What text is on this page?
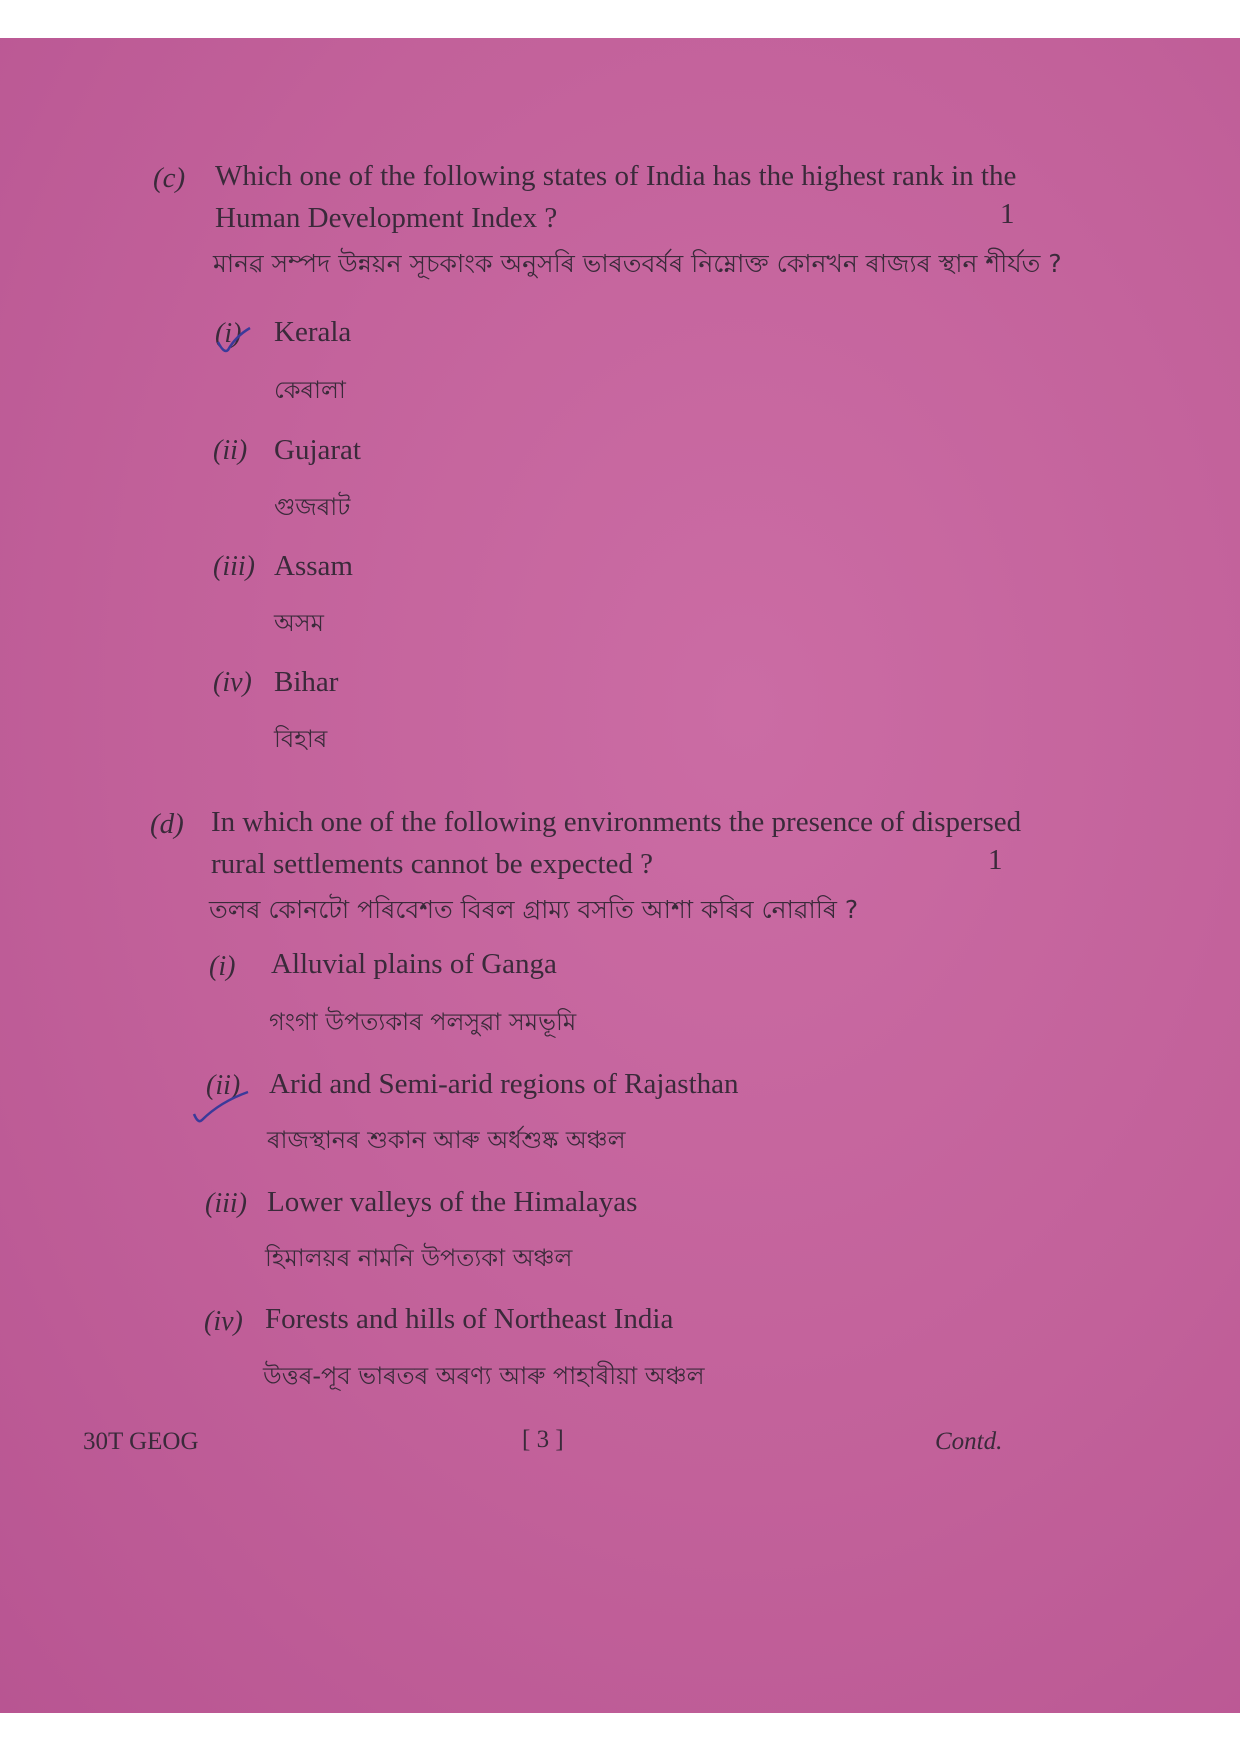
(c) Which one of the following states of India has the highest rank in the
Human Development Index ?	1
মানৱ সম্পদ উন্নয়ন সূচকাংক অনুসৰি ভাৰতবৰ্ষৰ নিম্নোক্ত কোনখন ৰাজ্যৰ স্থান শীৰ্যত ?
(i) Kerala
কেৰালা
(ii) Gujarat
গুজৰাট
(iii) Assam
অসম
(iv) Bihar
বিহাৰ
(d) In which one of the following environments the presence of dispersed
rural settlements cannot be expected ?	1
তলৰ কোনটো পৰিবেশত বিৰল গ্ৰাম্য বসতি আশা কৰিব নোৱাৰি ?
(i) Alluvial plains of Ganga
গংগা উপত্যকাৰ পলসুৱা সমভূমি
(ii) Arid and Semi-arid regions of Rajasthan
ৰাজস্থানৰ শুকান আৰু অৰ্ধশুষ্ক অঞ্চল
(iii) Lower valleys of the Himalayas
হিমালয়ৰ নামনি উপত্যকা অঞ্চল
(iv) Forests and hills of Northeast India
উত্তৰ-পূব ভাৰতৰ অৰণ্য আৰু পাহাৰীয়া অঞ্চল
30T GEOG	[ 3 ]	Contd.
